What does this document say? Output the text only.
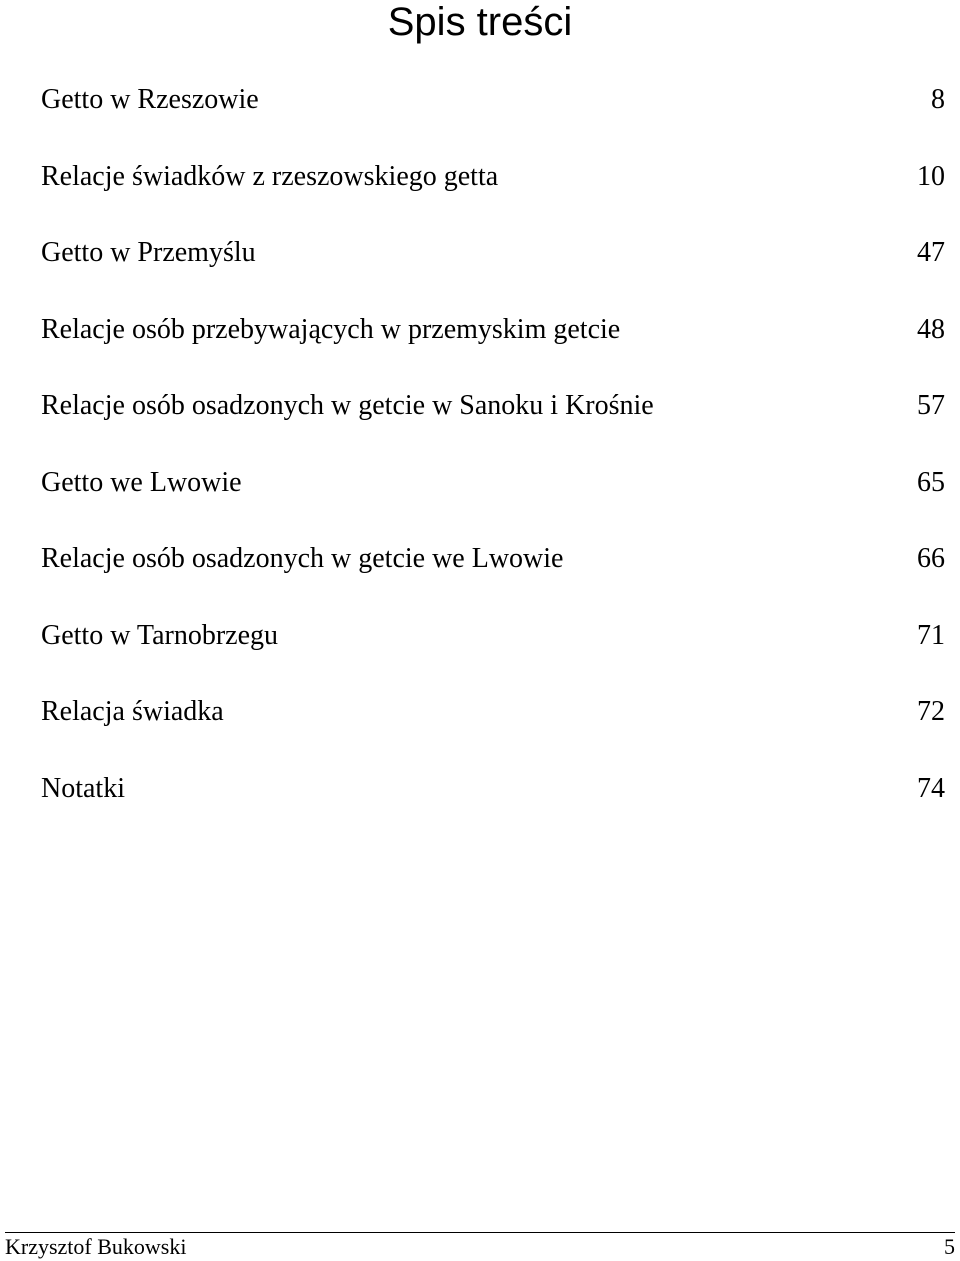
Spis treści
Getto w Rzeszowie	8
Relacje świadków z rzeszowskiego getta	10
Getto w Przemyślu	47
Relacje osób przebywających w przemyskim getcie	48
Relacje osób osadzonych w getcie w Sanoku i Krośnie	57
Getto we Lwowie	65
Relacje osób osadzonych w getcie we Lwowie	66
Getto w Tarnobrzegu	71
Relacja świadka	72
Notatki	74
Krzysztof Bukowski	5
